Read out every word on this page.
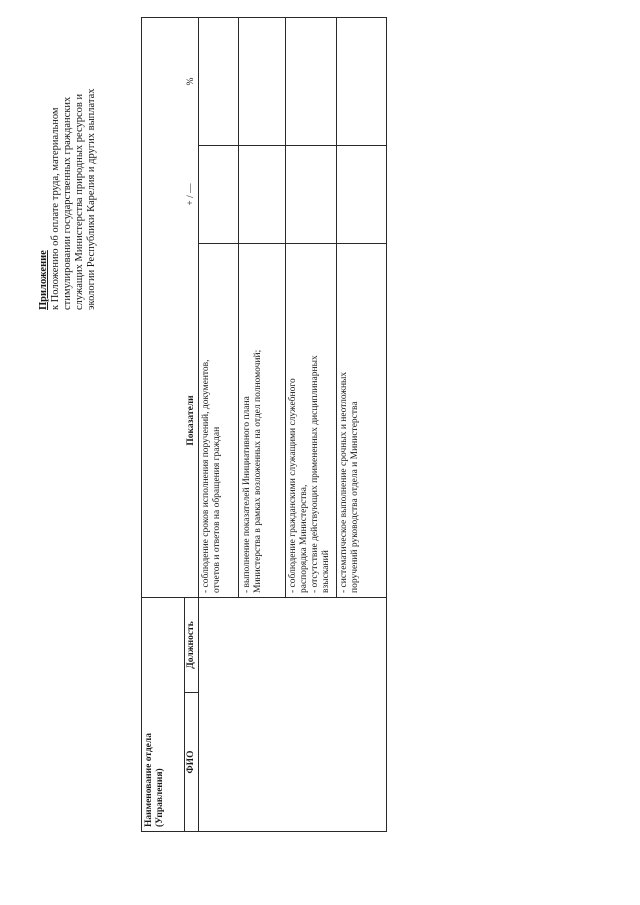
Приложение к Положению об оплате труда, материальном стимулировании государственных гражданских служащих Министерства природных ресурсов и экологии Республики Карелия и других выплатах
Наименование отдела (Управления)
ФИО
Должность
Показатели
+ / —
%
- соблюдение сроков исполнения поручений, документов, отчетов и ответов на обращения граждан - выполнение показателей Инициативного плана Министерства в рамках возложенных на отдел полномочий;	- соблюдение гражданскими служащими служебного распорядка Министерства, - отсутствие действующих примененных дисциплинарных взысканий - систематическое выполнение срочных и неотложных поручений руководства отдела и Министерства
